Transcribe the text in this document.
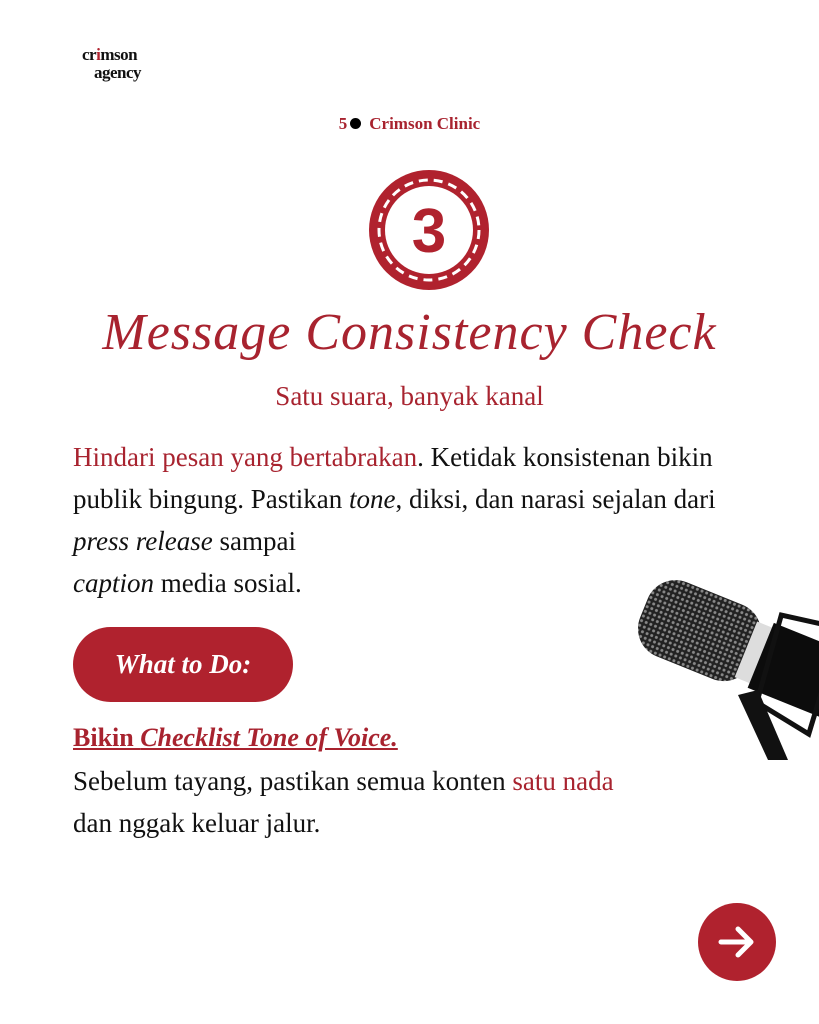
crimson
agency
5 Crimson Clinic
3
Message Consistency Check
Satu suara, banyak kanal
Hindari pesan yang bertabrakan. Ketidak konsistenan bikin publik bingung. Pastikan tone, diksi, dan narasi sejalan dari press release sampai
caption media sosial.
What to Do:
Bikin Checklist Tone of Voice.
Sebelum tayang, pastikan semua konten satu nada
dan nggak keluar jalur.
